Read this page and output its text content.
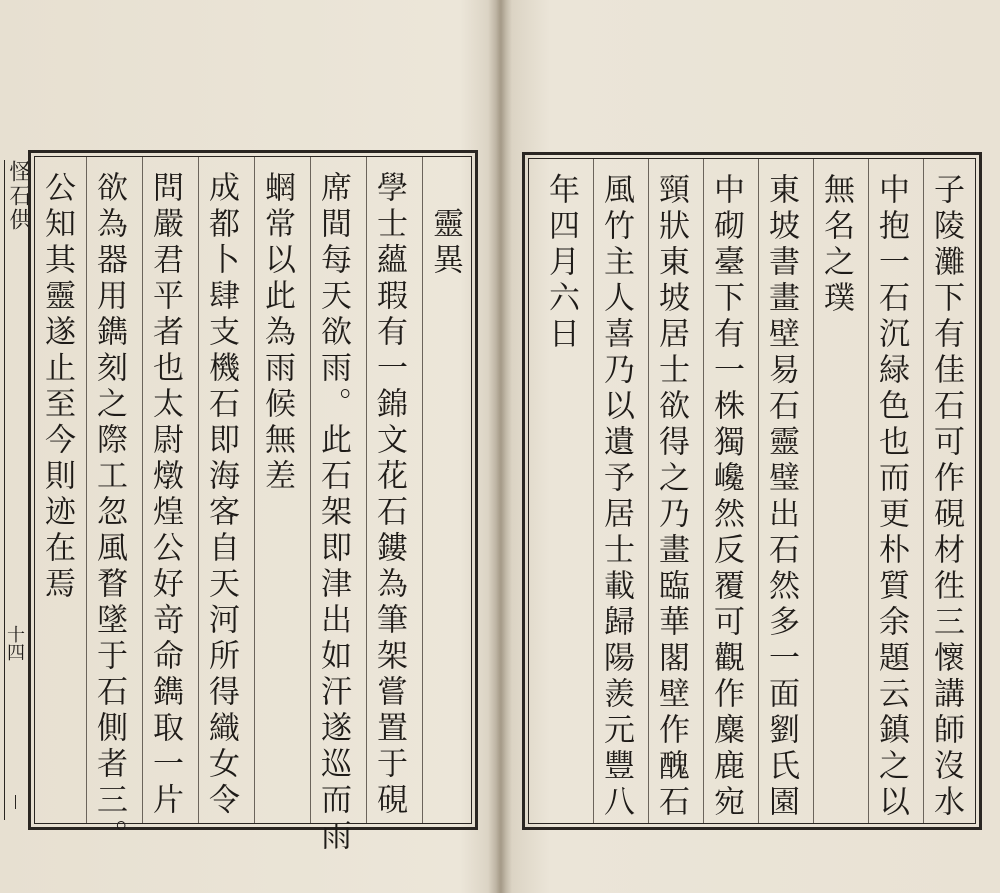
怪石供
十四
　靈異
學士蘊瑕有一錦文花石鏤為筆架嘗置于硯
席間每天欲雨。此石架即津出如汗遂巡而雨
蝄常以此為雨候無差
成都卜肆支機石即海客自天河所得織女令
問嚴君平者也太尉燉煌公好竒命鐫取一片
欲為器用鐫刻之際工忽風瞀墜于石側者三。
公知其靈遂止至今則迹在焉	子陵灘下有佳石可作硯材徃三懷講師沒水
中抱一石沉緑色也而更朴質余題云鎮之以
無名之璞
東坡書畫壁易石靈璧出石然多一面劉氏園
中砌臺下有一株獨巉然反覆可觀作麋鹿宛
頸狀東坡居士欲得之乃畫臨華閣壁作醜石
風竹主人喜乃以遺予居士載歸陽羨元豐八
年四月六日
